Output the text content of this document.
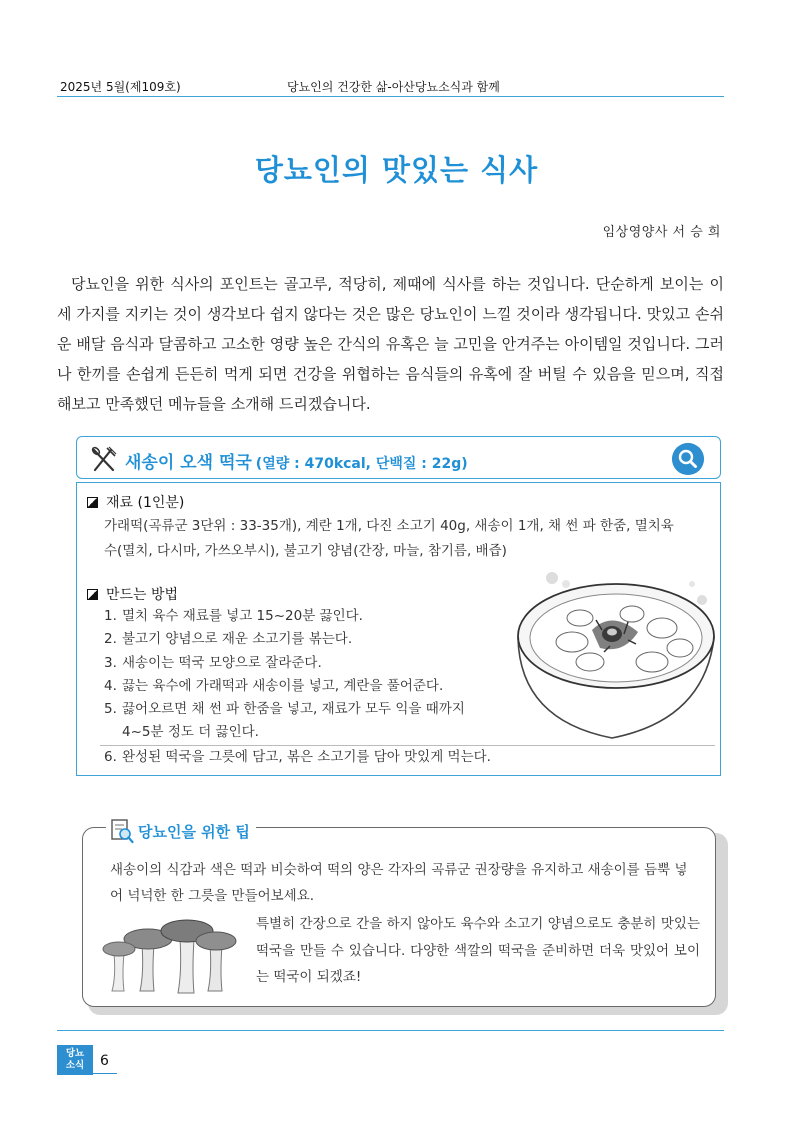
2025년 5월(제109호)	당뇨인의 건강한 삶-아산당뇨소식과 함께
당뇨인의 맛있는 식사
임상영양사 서 승 희
당뇨인을 위한 식사의 포인트는 골고루, 적당히, 제때에 식사를 하는 것입니다. 단순하게 보이는 이 세 가지를 지키는 것이 생각보다 쉽지 않다는 것은 많은 당뇨인이 느낄 것이라 생각됩니다. 맛있고 손쉬운 배달 음식과 달콤하고 고소한 영량 높은 간식의 유혹은 늘 고민을 안겨주는 아이템일 것입니다. 그러나 한끼를 손쉽게 든든히 먹게 되면 건강을 위협하는 음식들의 유혹에 잘 버틸 수 있음을 믿으며, 직접 해보고 만족했던 메뉴들을 소개해 드리겠습니다.
새송이 오색 떡국 (열량 : 470kcal, 단백질 : 22g)
재료 (1인분)
가래떡(곡류군 3단위 : 33-35개), 계란 1개, 다진 소고기 40g, 새송이 1개, 채 썬 파 한줌, 멸치육수(멸치, 다시마, 가쓰오부시), 불고기 양념(간장, 마늘, 참기름, 배즙)
만드는 방법
1. 멸치 육수 재료를 넣고 15~20분 끓인다.
2. 불고기 양념으로 재운 소고기를 볶는다.
3. 새송이는 떡국 모양으로 잘라준다.
4. 끓는 육수에 가래떡과 새송이를 넣고, 계란을 풀어준다.
5. 끓어오르면 채 썬 파 한줌을 넣고, 재료가 모두 익을 때까지
4~5분 정도 더 끓인다.
6. 완성된 떡국을 그릇에 담고, 볶은 소고기를 담아 맛있게 먹는다.
당뇨인을 위한 팁
새송이의 식감과 색은 떡과 비슷하여 떡의 양은 각자의 곡류군 권장량을 유지하고 새송이를 듬뿍 넣어 넉넉한 한 그릇을 만들어보세요.
특별히 간장으로 간을 하지 않아도 육수와 소고기 양념으로도 충분히 맛있는 떡국을 만들 수 있습니다. 다양한 색깔의 떡국을 준비하면 더욱 맛있어 보이는 떡국이 되겠죠!
당뇨
소식	6
